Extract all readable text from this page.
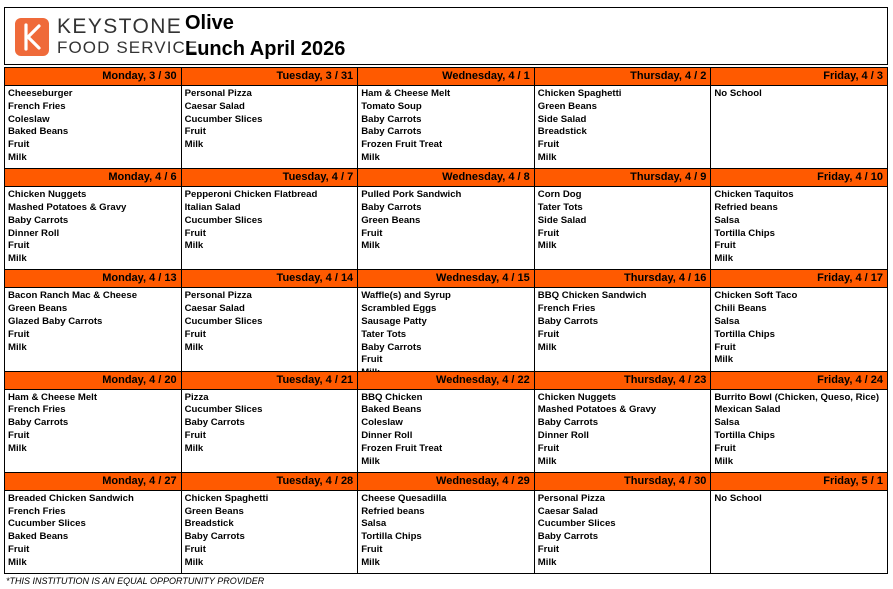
KEYSTONE
FOOD SERVICE
Olive
Lunch April 2026
Monday, 3 / 30
Cheeseburger
French Fries
Coleslaw
Baked Beans
Fruit
Milk
Tuesday, 3 / 31
Personal Pizza
Caesar Salad
Cucumber Slices
Fruit
Milk
Wednesday, 4 / 1
Ham & Cheese Melt
Tomato Soup
Baby Carrots
Baby Carrots
Frozen Fruit Treat
Milk
Thursday, 4 / 2
Chicken Spaghetti
Green Beans
Side Salad
Breadstick
Fruit
Milk
Friday, 4 / 3
No School
Monday, 4 / 6
Chicken Nuggets
Mashed Potatoes & Gravy
Baby Carrots
Dinner Roll
Fruit
Milk
Tuesday, 4 / 7
Pepperoni Chicken Flatbread
Italian Salad
Cucumber Slices
Fruit
Milk
Wednesday, 4 / 8
Pulled Pork Sandwich
Baby Carrots
Green Beans
Fruit
Milk
Thursday, 4 / 9
Corn Dog
Tater Tots
Side Salad
Fruit
Milk
Friday, 4 / 10
Chicken Taquitos
Refried beans
Salsa
Tortilla Chips
Fruit
Milk
Monday, 4 / 13
Bacon Ranch Mac & Cheese
Green Beans
Glazed Baby Carrots
Fruit
Milk
Tuesday, 4 / 14
Personal Pizza
Caesar Salad
Cucumber Slices
Fruit
Milk
Wednesday, 4 / 15
Waffle(s) and Syrup
Scrambled Eggs
Sausage Patty
Tater Tots
Baby Carrots
Fruit
Thursday, 4 / 16
BBQ Chicken Sandwich
French Fries
Baby Carrots
Fruit
Milk
Friday, 4 / 17
Chicken Soft Taco
Chili Beans
Salsa
Tortilla Chips
Fruit
Milk
Monday, 4 / 20
Ham & Cheese Melt
French Fries
Baby Carrots
Fruit
Milk
Tuesday, 4 / 21
Pizza
Cucumber Slices
Baby Carrots
Fruit
Milk
Wednesday, 4 / 22
BBQ Chicken
Baked Beans
Coleslaw
Dinner Roll
Frozen Fruit Treat
Milk
Thursday, 4 / 23
Chicken Nuggets
Mashed Potatoes & Gravy
Baby Carrots
Dinner Roll
Fruit
Milk
Friday, 4 / 24
Burrito Bowl (Chicken, Queso, Rice)
Mexican Salad
Salsa
Tortilla Chips
Fruit
Milk
Monday, 4 / 27
Breaded Chicken Sandwich
French Fries
Cucumber Slices
Baked Beans
Fruit
Milk
Tuesday, 4 / 28
Chicken Spaghetti
Green Beans
Breadstick
Baby Carrots
Fruit
Milk
Wednesday, 4 / 29
Cheese Quesadilla
Refried beans
Salsa
Tortilla Chips
Fruit
Milk
Thursday, 4 / 30
Personal Pizza
Caesar Salad
Cucumber Slices
Baby Carrots
Fruit
Milk
Friday, 5 / 1
No School
*THIS INSTITUTION IS AN EQUAL OPPORTUNITY PROVIDER
